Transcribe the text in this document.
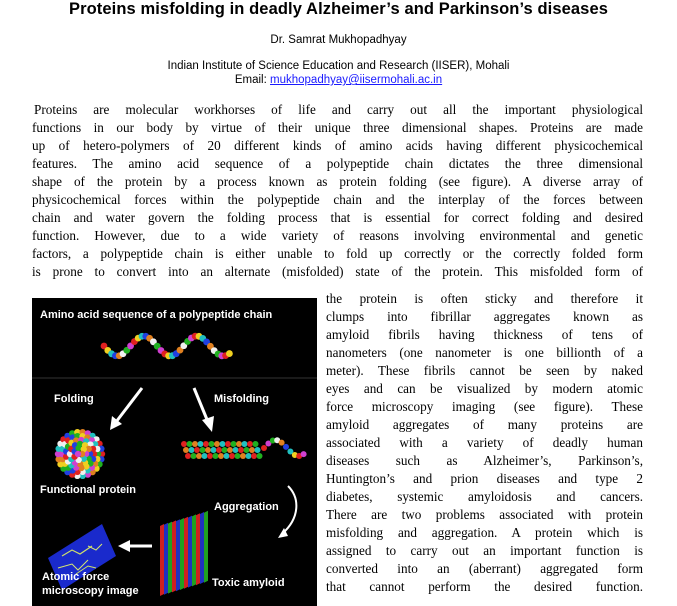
Proteins misfolding in deadly Alzheimer’s and Parkinson’s diseases
Dr. Samrat Mukhopadhyay
Indian Institute of Science Education and Research (IISER), Mohali
Email: mukhopadhyay@iisermohali.ac.in
Proteins are molecular workhorses of life and carry out all the important physiological
functions in our body by virtue of their unique three dimensional shapes. Proteins are made
up of hetero-polymers of 20 different kinds of amino acids having different physicochemical
features. The amino acid sequence of a polypeptide chain dictates the three dimensional
shape of the protein by a process known as protein folding (see figure). A diverse array of
physicochemical forces within the polypeptide chain and the interplay of the forces between
chain and water govern the folding process that is essential for correct folding and desired
function. However, due to a wide variety of reasons involving environmental and genetic
factors, a polypeptide chain is either unable to fold up correctly or the correctly folded form
is prone to convert into an alternate (misfolded) state of the protein. This misfolded form of
the protein is often sticky and therefore it
clumps into fibrillar aggregates known as
amyloid fibrils having thickness of tens of
nanometers (one nanometer is one billionth of a
meter). These fibrils cannot be seen by naked
eyes and can be visualized by modern atomic
force microscopy imaging (see figure). These
amyloid aggregates of many proteins are
associated with a variety of deadly human
diseases such as Alzheimer’s, Parkinson’s,
Huntington’s and prion diseases and type 2
diabetes, systemic amyloidosis and cancers.
There are two problems associated with protein
misfolding and aggregation. A protein which is
assigned to carry out an important function is
converted into an (aberrant) aggregated form
that cannot perform the desired function.
Amino acid sequence of a polypeptide chain
Folding	Misfolding
Functional protein
Aggregation
Toxic amyloid
Atomic force
microscopy image
